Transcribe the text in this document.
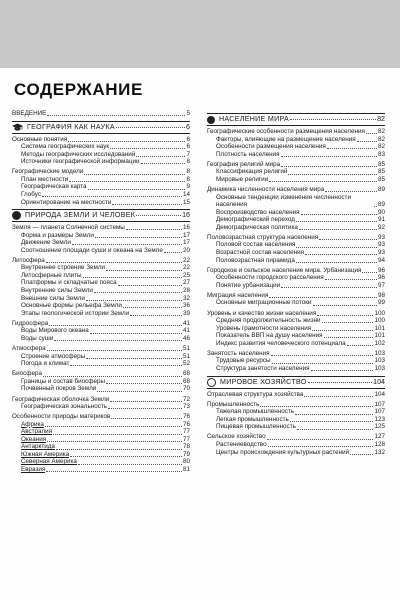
СОДЕРЖАНИЕ
ВВЕДЕНИЕ	5
ГЕОГРАФИЯ КАК НАУКА	6
Основные понятия	6
Система географических наук	6
Методы географических исследований	7
Источники географической информации	8
Географические модели	8
План местности	8
Географическая карта	9
Глобус	14
Ориентирование на местности	15
ПРИРОДА ЗЕМЛИ И ЧЕЛОВЕК	16
Земля — планета Солнечной системы	16
Форма и размеры Земли	17
Движение Земли	17
Соотношение площади суши и океана на Земле	20
Литосфера	22
Внутреннее строение Земли	22
Литосферные плиты	25
Платформы и складчатые пояса	27
Внутренние силы Земли	28
Внешние силы Земли	32
Основные формы рельефа Земли	36
Этапы геологической истории Земли	39
Гидросфера	41
Воды Мирового океана	41
Воды суши	46
Атмосфера	51
Строение атмосферы	51
Погода и климат	52
Биосфера	68
Границы и состав биосферы	68
Почвенный покров Земли	70
Географическая оболочка Земли	72
Географическая зональность	73
Особенности природы материков	76
Африка	76
Австралия	77
Океания	77
Антарктида	78
Южная Америка	79
Северная Америка	80
Евразия	81
НАСЕЛЕНИЕ МИРА	82
Географические особенности размещения населения 82
Факторы, влияющие на размещение населения	82
Особенности размещения населения	82
Плотность населения	83
География религий мира	85
Классификация религий	85
Мировые религии	85
Динамика численности населения мира	89
Основные тенденции изменения численности населения	89
Воспроизводство населения	90
Демографический переход	91
Демографическая политика	92
Половозрастная структура населения	93
Половой состав населения	93
Возрастной состав населения	93
Половозрастная пирамида	94
Городское и сельское население мира. Урбанизация	96
Особенности городского расселения	96
Понятие урбанизации	97
Миграция населения	98
Основные миграционные потоки	99
Уровень и качество жизни населения	100
Средняя продолжительность жизни	100
Уровень грамотности населения	101
Показатель ВВП на душу населения	101
Индекс развития человеческого потенциала	102
Занятость населения	103
Трудовые ресурсы	103
Структура занятости населения	103
МИРОВОЕ ХОЗЯЙСТВО	104
Отраслевая структура хозяйства	104
Промышленность	107
Тяжелая промышленность	107
Легкая промышленность	123
Пищевая промышленность	125
Сельское хозяйство	127
Растениеводство	128
Центры происхождения культурных растений	132
